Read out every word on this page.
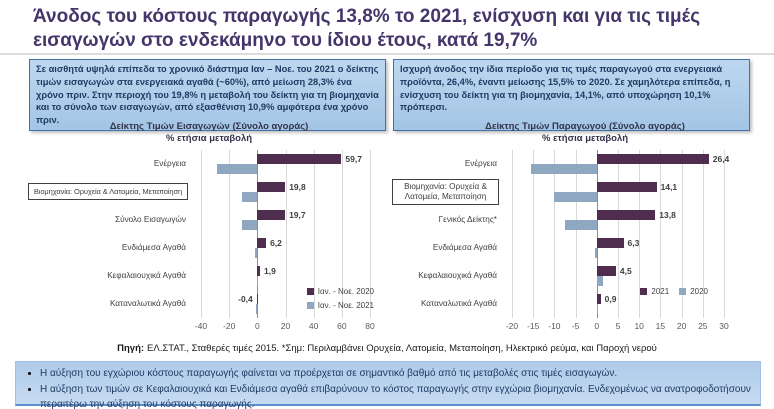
Άνοδος του κόστους παραγωγής 13,8% το 2021, ενίσχυση και για τις τιμές εισαγωγών στο ενδεκάμηνο του ίδιου έτους, κατά 19,7%
Σε αισθητά υψηλά επίπεδα το χρονικό διάστημα Ιαν – Νοε. του 2021 ο δείκτης τιμών εισαγωγών στα ενεργειακά αγαθά (~60%), από μείωση 28,3% ένα χρόνο πριν. Στην περιοχή του 19,8% η μεταβολή του δείκτη για τη βιομηχανία και το σύνολο των εισαγωγών, από εξασθένιση 10,9% αμφότερα ένα χρόνο πριν.
Ισχυρή άνοδος την ίδια περίοδο για τις τιμές παραγωγού στα ενεργειακά προϊόντα, 26,4%, έναντι μείωσης 15,5% το 2020. Σε χαμηλότερα επίπεδα, η ενίσχυση του δείκτη για τη βιομηχανία, 14,1%, από υποχώρηση 10,1% πρόπερσι.
Δείκτης Τιμών Εισαγωγών (Σύνολο αγοράς)
% ετήσια μεταβολή
Ενέργεια
Βιομηχανία: Ορυχεία & Λατομεία, Μεταποίηση
Σύνολο Εισαγωγών
Ενδιάμεσα Αγαθά
Κεφαλαιουχικά Αγαθά
Καταναλωτικά Αγαθά
59,7
19,8
19,7
6,2
1,9
-0,4
-40 -20 0 20 40 60 80
Ιαν. - Νοε. 2020
Ιαν. - Νοε. 2021
Δείκτης Τιμών Παραγωγού (Σύνολο αγοράς)
% ετήσια μεταβολή
Ενέργεια
Βιομηχανία: Ορυχεία & Λατομεία, Μεταποίηση
Γενικός Δείκτης*
Ενδιάμεσα Αγαθά
Κεφαλαιουχικά Αγαθά
Καταναλωτικά Αγαθά
26,4
14,1
13,8
6,3
4,5
0,9
-20 -15 -10 -5 0 5 10 15 20 25 30
2021	2020
Πηγή: ΕΛ.ΣΤΑΤ., Σταθερές τιμές 2015. *Σημ: Περιλαμβάνει Ορυχεία, Λατομεία, Μεταποίηση, Ηλεκτρικό ρεύμα, και Παροχή νερού
• Η αύξηση του εγχώριου κόστους παραγωγής φαίνεται να προέρχεται σε σημαντικό βαθμό από τις μεταβολές στις τιμές εισαγωγών.
• Η αύξηση των τιμών σε Κεφαλαιουχικά και Ενδιάμεσα αγαθά επιβαρύνουν το κόστος παραγωγής στην εγχώρια βιομηχανία. Ενδεχομένως να ανατροφοδοτήσουν περαιτέρω την αύξηση του κόστους παραγωγής.
